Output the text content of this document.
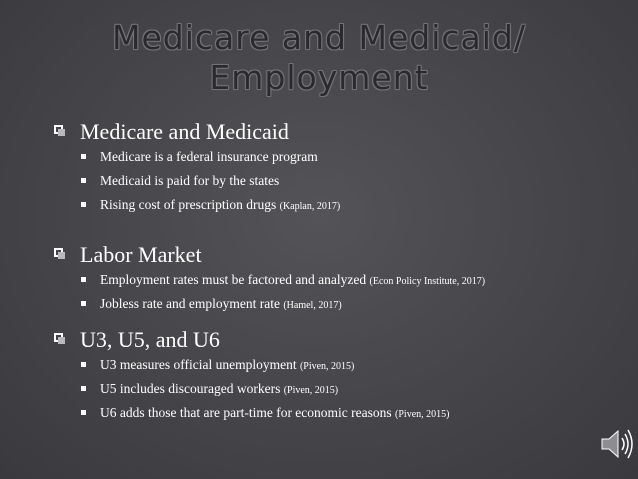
Medicare and Medicaid/
Employment
Medicare and Medicaid
Medicare is a federal insurance program
Medicaid is paid for by the states
Rising cost of prescription drugs (Kaplan, 2017)
Labor Market
Employment rates must be factored and analyzed (Econ Policy Institute, 2017)
Jobless rate and employment rate (Hamel, 2017)
U3, U5, and U6
U3 measures official unemployment (Piven, 2015)
U5 includes discouraged workers (Piven, 2015)
U6 adds those that are part-time for economic reasons (Piven, 2015)
